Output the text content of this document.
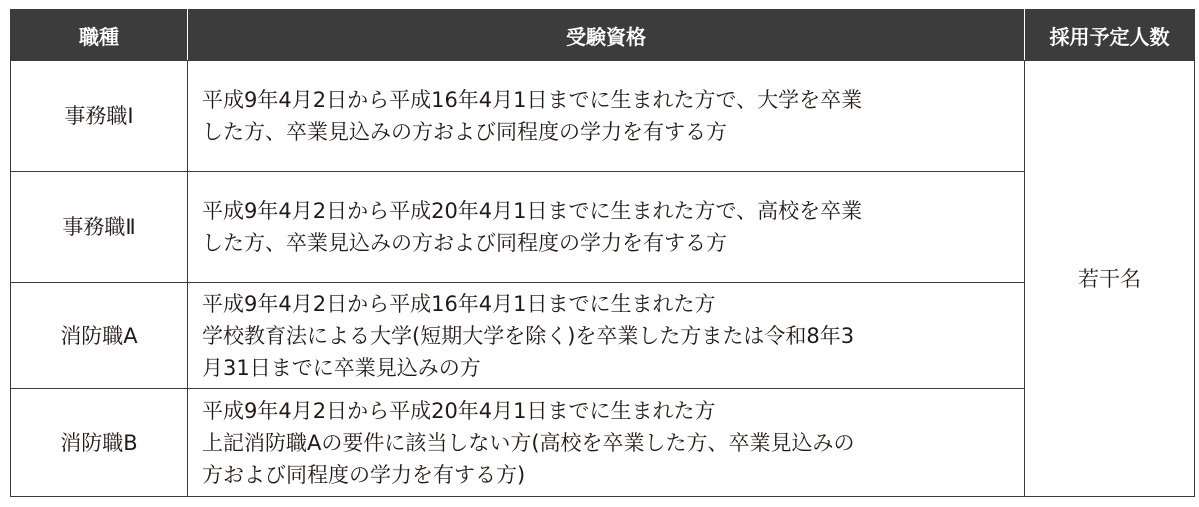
職種	受験資格	採用予定人数
事務職Ⅰ	平成9年4月2日から平成16年4月1日までに生まれた方で、大学を卒業
した方、卒業見込みの方および同程度の学力を有する方	若干名
事務職Ⅱ	平成9年4月2日から平成20年4月1日までに生まれた方で、高校を卒業
した方、卒業見込みの方および同程度の学力を有する方	

消防職A	平成9年4月2日から平成16年4月1日までに生まれた方
学校教育法による大学(短期大学を除く)を卒業した方または令和8年3
月31日までに卒業見込みの方	

消防職B	平成9年4月2日から平成20年4月1日までに生まれた方
上記消防職Aの要件に該当しない方(高校を卒業した方、卒業見込みの
方および同程度の学力を有する方)	
